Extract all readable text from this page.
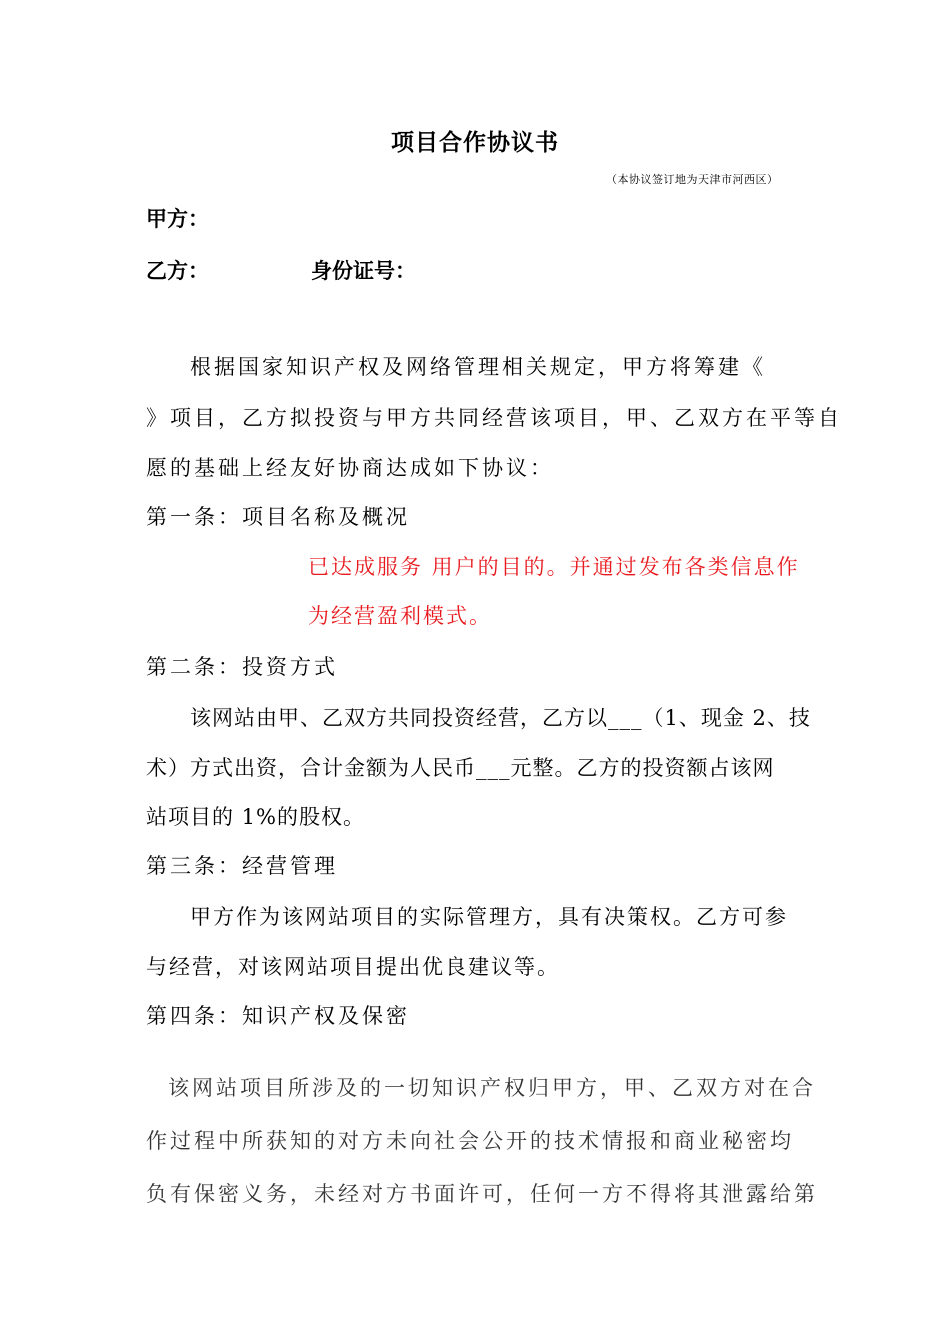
项目合作协议书
（本协议签订地为天津市河西区）
甲方：
乙方：	身份证号：
根据国家知识产权及网络管理相关规定，甲方将筹建《
》项目，乙方拟投资与甲方共同经营该项目，甲、乙双方在平等自
愿的基础上经友好协商达成如下协议：
第一条：项目名称及概况
已达成服务 用户的目的。并通过发布各类信息作
为经营盈利模式。
第二条：投资方式
该网站由甲、乙双方共同投资经营，乙方以___（1、现金 2、技
术）方式出资，合计金额为人民币___元整。乙方的投资额占该网
站项目的 1%的股权。
第三条：经营管理
甲方作为该网站项目的实际管理方，具有决策权。乙方可参
与经营，对该网站项目提出优良建议等。
第四条：知识产权及保密
该网站项目所涉及的一切知识产权归甲方，甲、乙双方对在合
作过程中所获知的对方未向社会公开的技术情报和商业秘密均
负有保密义务，未经对方书面许可，任何一方不得将其泄露给第
